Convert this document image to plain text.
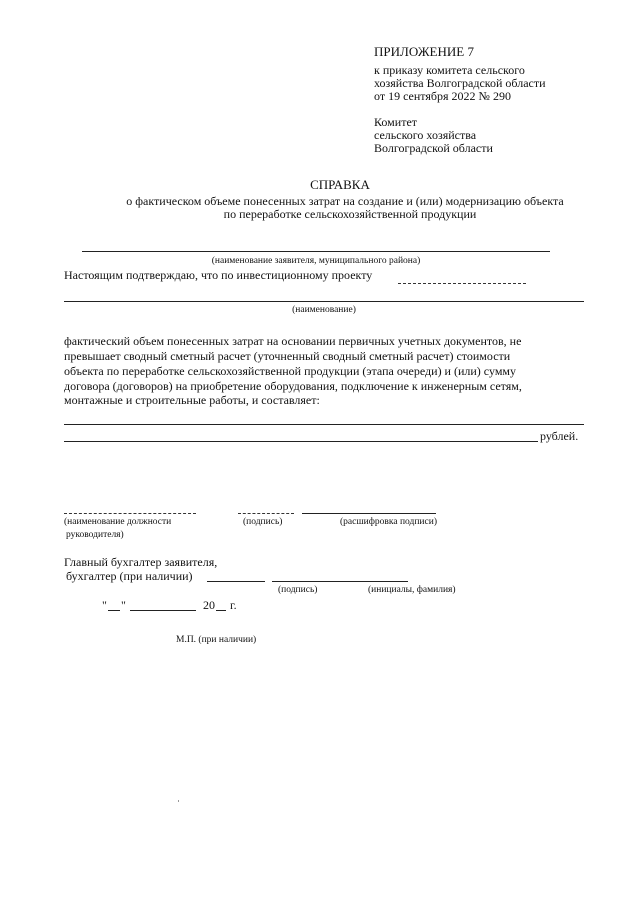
ПРИЛОЖЕНИЕ 7
к приказу комитета сельского
хозяйства Волгоградской области
от 19 сентября 2022 № 290
Комитет
сельского хозяйства
Волгоградской области
СПРАВКА
о фактическом объеме понесенных затрат на создание и (или) модернизацию объекта
по переработке сельскохозяйственной продукции
(наименование заявителя, муниципального района)
Настоящим подтверждаю, что по инвестиционному проекту
(наименование)
фактический объем понесенных затрат на основании первичных учетных документов, не
превышает сводный сметный расчет (уточненный сводный сметный расчет) стоимости
объекта по переработке сельскохозяйственной продукции (этапа очереди) и (или) сумму
договора (договоров) на приобретение оборудования, подключение к инженерным сетям,
монтажные и строительные работы, и составляет:
рублей.
(наименование должности
руководителя)
(подпись)	(расшифровка подписи)
Главный бухгалтер заявителя,
бухгалтер (при наличии)
(подпись)	(инициалы, фамилия)
" "	20 г.
М.П. (при наличии)
